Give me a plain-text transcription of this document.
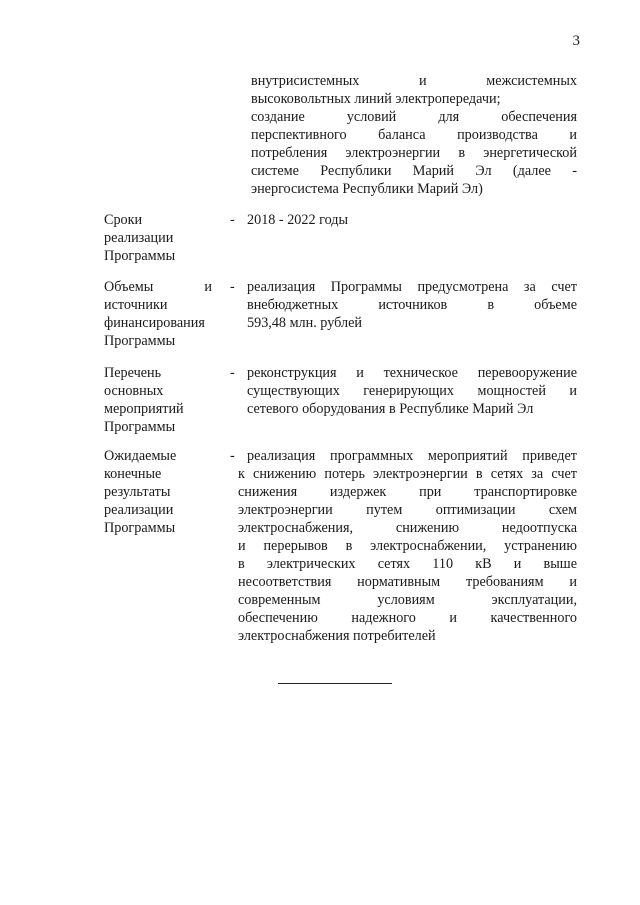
3
внутрисистемных и межсистемных
высоковольтных линий электропередачи;
создание условий для обеспечения
перспективного баланса производства и
потребления электроэнергии в энергетической
системе Республики Марий Эл (далее -
энергосистема Республики Марий Эл)
Сроки
реализации
Программы
- 2018 - 2022 годы
Объемы и
источники
финансирования
Программы
- реализация Программы предусмотрена за счет
внебюджетных источников в объеме
593,48 млн. рублей
Перечень
основных
мероприятий
Программы
- реконструкция и техническое перевооружение
существующих генерирующих мощностей и
сетевого оборудования в Республике Марий Эл
Ожидаемые
конечные
результаты
реализации
Программы
- реализация программных мероприятий приведет
к снижению потерь электроэнергии в сетях за счет
снижения издержек при транспортировке
электроэнергии путем оптимизации схем
электроснабжения, снижению недоотпуска
и перерывов в электроснабжении, устранению
в электрических сетях 110 кВ и выше
несоответствия нормативным требованиям и
современным условиям эксплуатации,
обеспечению надежного и качественного
электроснабжения потребителей
